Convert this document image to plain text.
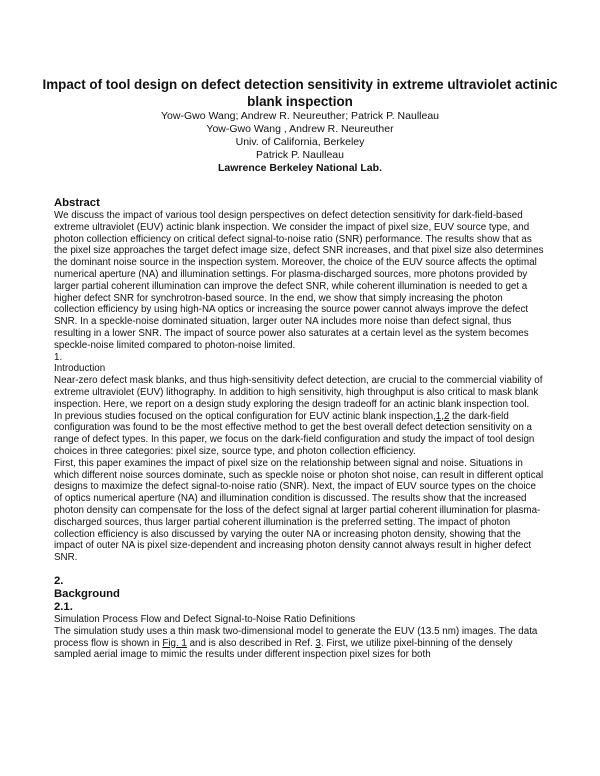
Impact of tool design on defect detection sensitivity in extreme ultraviolet actinic blank inspection
Yow-Gwo Wang; Andrew R. Neureuther; Patrick P. Naulleau
Yow-Gwo Wang , Andrew R. Neureuther
Univ. of California, Berkeley
Patrick P. Naulleau
Lawrence Berkeley National Lab.
Abstract

We discuss the impact of various tool design perspectives on defect detection sensitivity for dark-field-based extreme ultraviolet (EUV) actinic blank inspection. We consider the impact of pixel size, EUV source type, and photon collection efficiency on critical defect signal-to-noise ratio (SNR) performance. The results show that as the pixel size approaches the target defect image size, defect SNR increases, and that pixel size also determines the dominant noise source in the inspection system. Moreover, the choice of the EUV source affects the optimal numerical aperture (NA) and illumination settings. For plasma-discharged sources, more photons provided by larger partial coherent illumination can improve the defect SNR, while coherent illumination is needed to get a higher defect SNR for synchrotron-based source. In the end, we show that simply increasing the photon collection efficiency by using high-NA optics or increasing the source power cannot always improve the defect SNR. In a speckle-noise dominated situation, larger outer NA includes more noise than defect signal, thus resulting in a lower SNR. The impact of source power also saturates at a certain level as the system becomes speckle-noise limited compared to photon-noise limited.

1.

Introduction

Near-zero defect mask blanks, and thus high-sensitivity defect detection, are crucial to the commercial viability of extreme ultraviolet (EUV) lithography. In addition to high sensitivity, high throughput is also critical to mask blank inspection. Here, we report on a design study exploring the design tradeoff for an actinic blank inspection tool.

In previous studies focused on the optical configuration for EUV actinic blank inspection,1,2 the dark-field configuration was found to be the most effective method to get the best overall defect detection sensitivity on a range of defect types. In this paper, we focus on the dark-field configuration and study the impact of tool design choices in three categories: pixel size, source type, and photon collection efficiency.

First, this paper examines the impact of pixel size on the relationship between signal and noise. Situations in which different noise sources dominate, such as speckle noise or photon shot noise, can result in different optical designs to maximize the defect signal-to-noise ratio (SNR). Next, the impact of EUV source types on the choice of optics numerical aperture (NA) and illumination condition is discussed. The results show that the increased photon density can compensate for the loss of the defect signal at larger partial coherent illumination for plasma-discharged sources, thus larger partial coherent illumination is the preferred setting. The impact of photon collection efficiency is also discussed by varying the outer NA or increasing photon density, showing that the impact of outer NA is pixel size-dependent and increasing photon density cannot always result in higher defect SNR.

2.
Background
2.1.

Simulation Process Flow and Defect Signal-to-Noise Ratio Definitions

The simulation study uses a thin mask two-dimensional model to generate the EUV (13.5 nm) images. The data process flow is shown in Fig. 1 and is also described in Ref. 3. First, we utilize pixel-binning of the densely sampled aerial image to mimic the results under different inspection pixel sizes for both
